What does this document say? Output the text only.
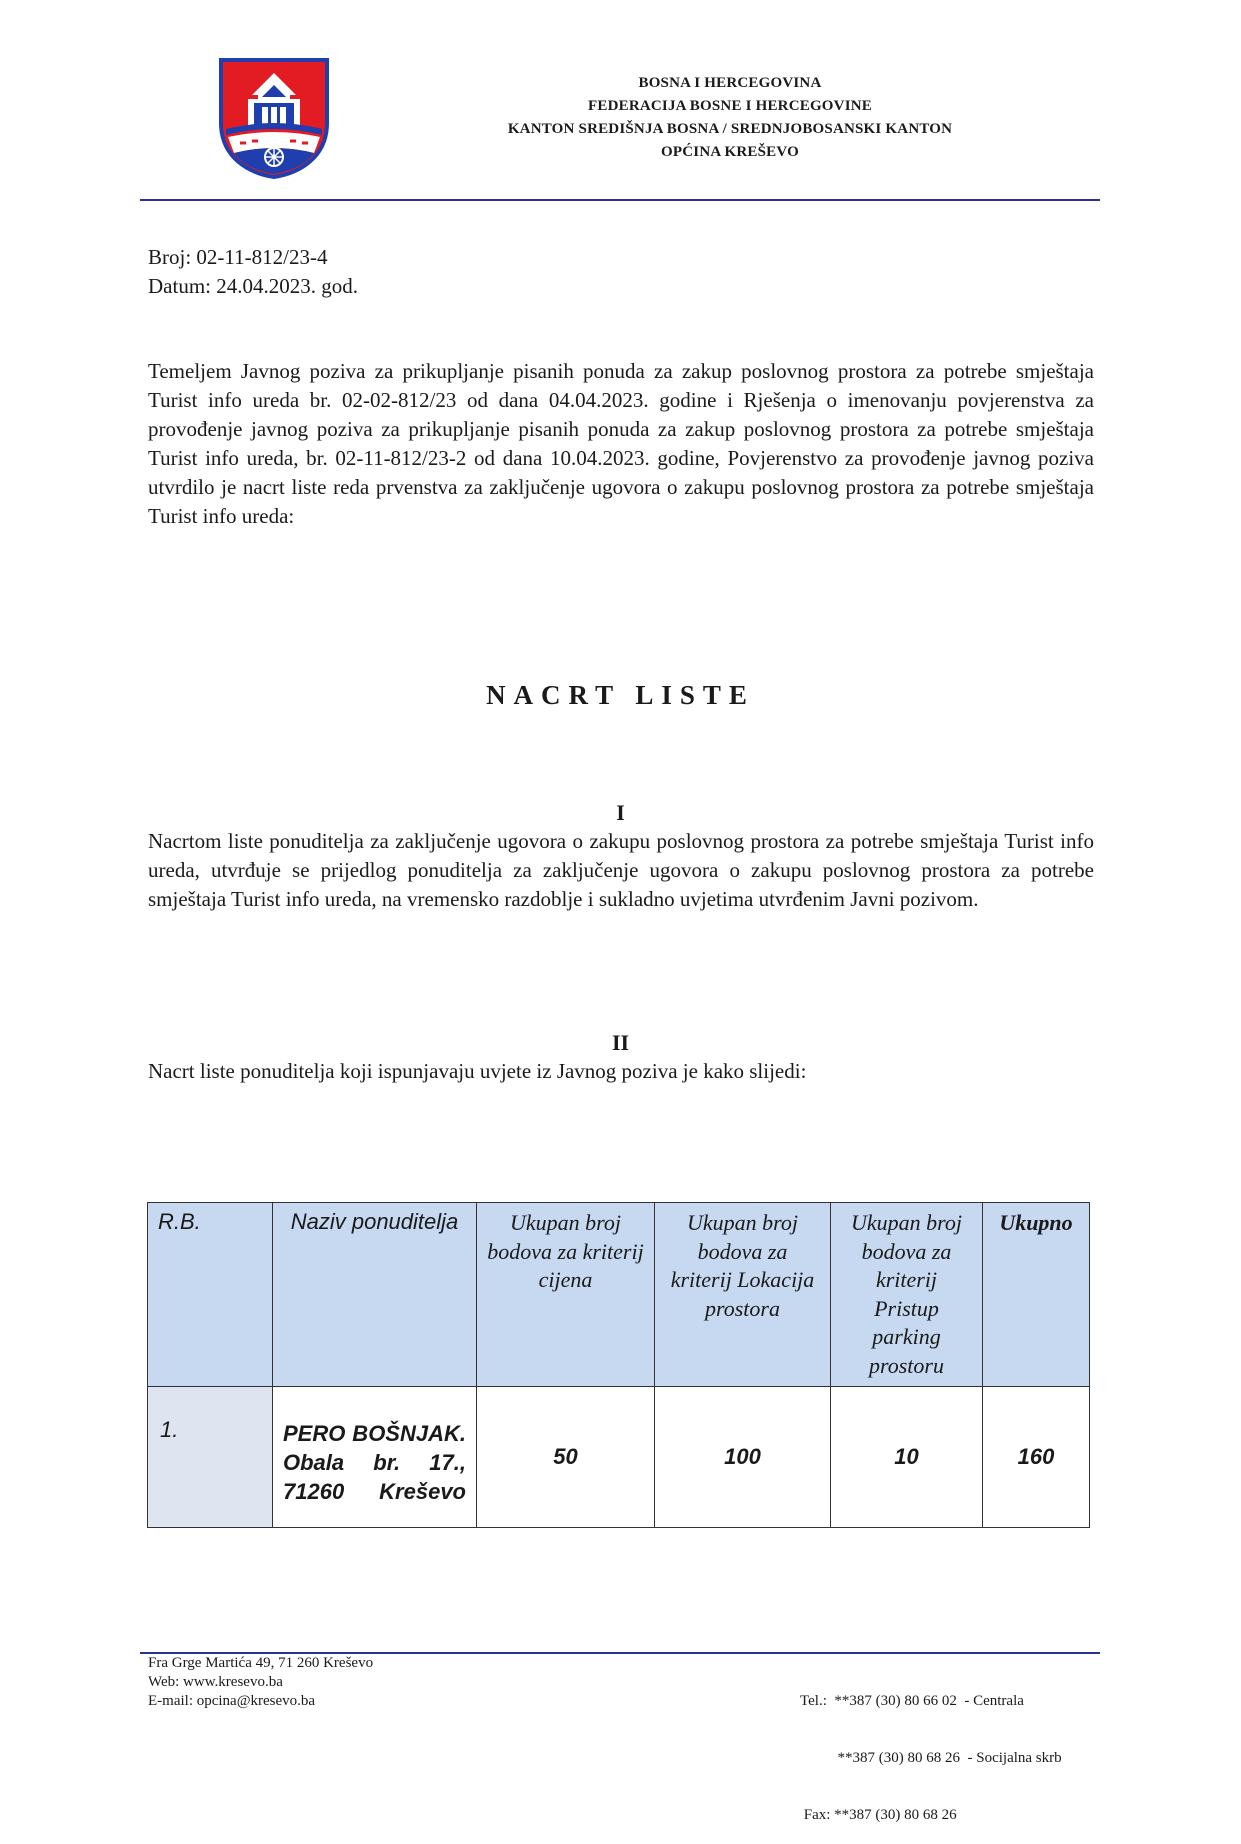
BOSNA I HERCEGOVINA
FEDERACIJA BOSNE I HERCEGOVINE
KANTON SREDIŠNJA BOSNA / SREDNJOBOSANSKI KANTON
OPĆINA KREŠEVO
Broj: 02-11-812/23-4
Datum: 24.04.2023. god.
Temeljem Javnog poziva za prikupljanje pisanih ponuda za zakup poslovnog prostora za potrebe smještaja Turist info ureda br. 02-02-812/23 od dana 04.04.2023. godine i Rješenja o imenovanju povjerenstva za provođenje javnog poziva za prikupljanje pisanih ponuda za zakup poslovnog prostora za potrebe smještaja Turist info ureda, br. 02-11-812/23-2 od dana 10.04.2023. godine, Povjerenstvo za provođenje javnog poziva utvrdilo je nacrt liste reda prvenstva za zaključenje ugovora o zakupu poslovnog prostora za potrebe smještaja Turist info ureda:
NACRT LISTE
I
Nacrtom liste ponuditelja za zaključenje ugovora o zakupu poslovnog prostora za potrebe smještaja Turist info ureda, utvrđuje se prijedlog ponuditelja za zaključenje ugovora o zakupu poslovnog prostora za potrebe smještaja Turist info ureda, na vremensko razdoblje i sukladno uvjetima utvrđenim Javni pozivom.
II
Nacrt liste ponuditelja koji ispunjavaju uvjete iz Javnog poziva je kako slijedi:
R.B.	Naziv ponuditelja	Ukupan broj bodova za kriterij cijena	Ukupan broj bodova za kriterij Lokacija prostora	Ukupan broj bodova za kriterij Pristup parking prostoru	Ukupno
1.	PERO BOŠNJAK. Obala br. 17., 71260 Kreševo	50	100	10	160
Fra Grge Martića 49, 71 260 Kreševo
Web: www.kresevo.ba
E-mail: opcina@kresevo.ba

	Tel.:  **387 (30) 80 66 02  - Centrala

**387 (30) 80 68 26  - Socijalna skrb

Fax: **387 (30) 80 68 26
